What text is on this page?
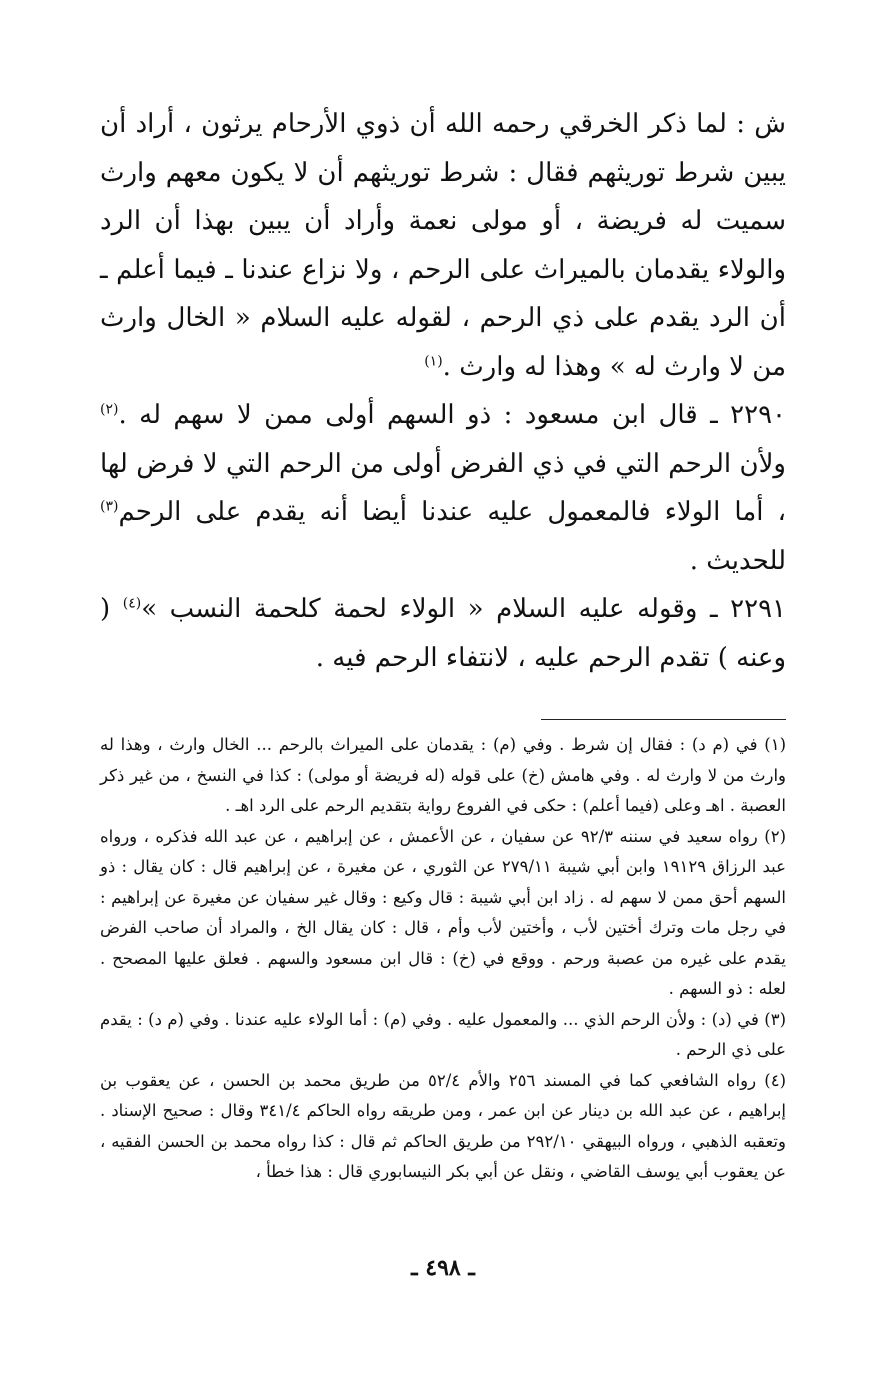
ش : لما ذكر الخرقي رحمه الله أن ذوي الأرحام يرثون ، أراد أن يبين شرط توريثهم فقال : شرط توريثهم أن لا يكون معهم وارث سميت له فريضة ، أو مولى نعمة وأراد أن يبين بهذا أن الرد والولاء يقدمان بالميراث على الرحم ، ولا نزاع عندنا ـ فيما أعلم ـ أن الرد يقدم على ذي الرحم ، لقوله عليه السلام « الخال وارث من لا وارث له » وهذا له وارث .$^{(١)}$

٢٢٩٠ ـ قال ابن مسعود : ذو السهم أولى ممن لا سهم له .$^{(٢)}$ ولأن الرحم التي في ذي الفرض أولى من الرحم التي لا فرض لها ، أما الولاء فالمعمول عليه عندنا أيضا أنه يقدم على الرحم$^{(٣)}$ للحديث .

٢٢٩١ ـ وقوله عليه السلام « الولاء لحمة كلحمة النسب »$^{(٤)}$ ( وعنه ) تقدم الرحم عليه ، لانتفاء الرحم فيه .

(١) في (م د) : فقال إن شرط . وفي (م) : يقدمان على الميراث بالرحم ... الخال وارث ، وهذا له وارث من لا وارث له . وفي هامش (خ) على قوله (له فريضة أو مولى) : كذا في النسخ ، من غير ذكر العصبة . اهـ وعلى (فيما أعلم) : حكى في الفروع رواية بتقديم الرحم على الرد اهـ .

(٢) رواه سعيد في سننه ٩٢/٣ عن سفيان ، عن الأعمش ، عن إبراهيم ، عن عبد الله فذكره ، ورواه عبد الرزاق ١٩١٢٩ وابن أبي شيبة ٢٧٩/١١ عن الثوري ، عن مغيرة ، عن إبراهيم قال : كان يقال : ذو السهم أحق ممن لا سهم له . زاد ابن أبي شيبة : قال وكيع : وقال غير سفيان عن مغيرة عن إبراهيم : في رجل مات وترك أختين لأب ، وأختين لأب وأم ، قال : كان يقال الخ ، والمراد أن صاحب الفرض يقدم على غيره من عصبة ورحم . ووقع في (خ) : قال ابن مسعود والسهم . فعلق عليها المصحح . لعله : ذو السهم .

(٣) في (د) : ولأن الرحم الذي ... والمعمول عليه . وفي (م) : أما الولاء عليه عندنا . وفي (م د) : يقدم على ذي الرحم .

(٤) رواه الشافعي كما في المسند ٢٥٦ والأم ٥٢/٤ من طريق محمد بن الحسن ، عن يعقوب بن إبراهيم ، عن عبد الله بن دينار عن ابن عمر ، ومن طريقه رواه الحاكم ٣٤١/٤ وقال : صحيح الإسناد . وتعقبه الذهبي ، ورواه البيهقي ٢٩٢/١٠ من طريق الحاكم ثم قال : كذا رواه محمد بن الحسن الفقيه ، عن يعقوب أبي يوسف القاضي ، ونقل عن أبي بكر النيسابوري قال : هذا خطأ ،

ـ ٤٩٨ ـ
